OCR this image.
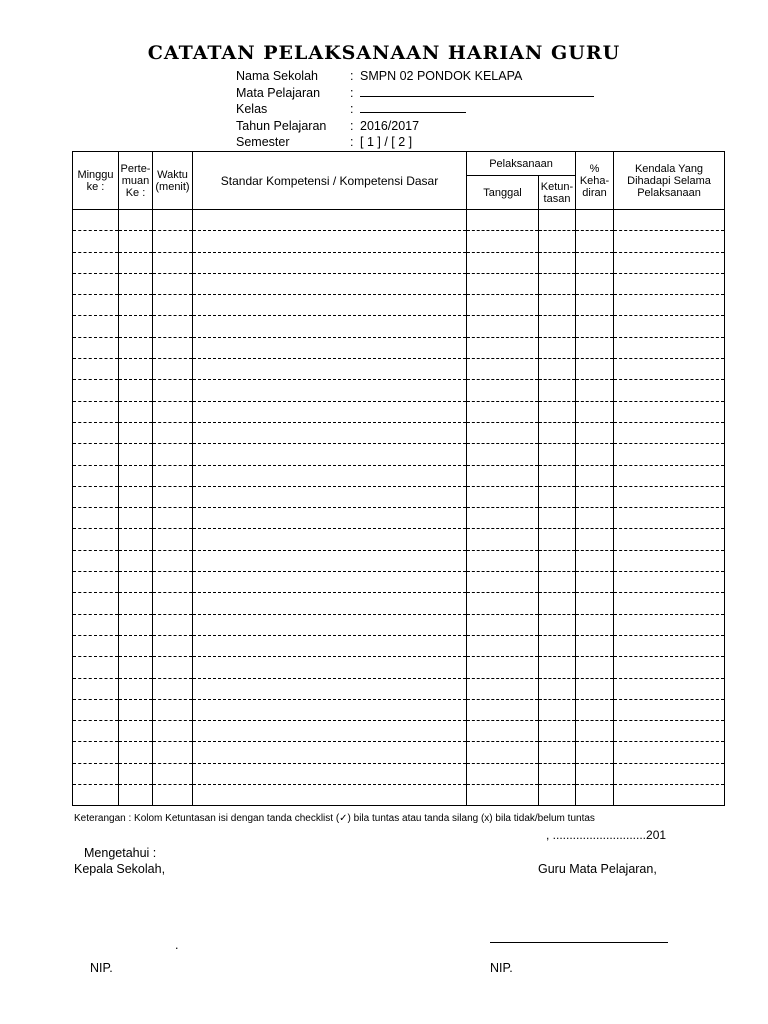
CATATAN PELAKSANAAN HARIAN GURU
Nama Sekolah	: SMPN 02 PONDOK KELAPA
Mata Pelajaran :
Kelas	:
Tahun Pelajaran : 2016/2017
Semester	: [ 1 ] / [ 2 ]
Minggu ke :	Perte-muan Ke :	Waktu (menit)	Standar Kompetensi / Kompetensi Dasar	Pelaksanaan		% Keha-diran	Kendala Yang Dihadapi Selama Pelaksanaan
				Tanggal	Ketun-tasan		

Keterangan : Kolom Ketuntasan isi dengan tanda checklist (✓) bila tuntas atau tanda silang (x) bila tidak/belum tuntas
, ............................201
Mengetahui :
Kepala Sekolah,	Guru Mata Pelajaran,
.
NIP.	NIP.
